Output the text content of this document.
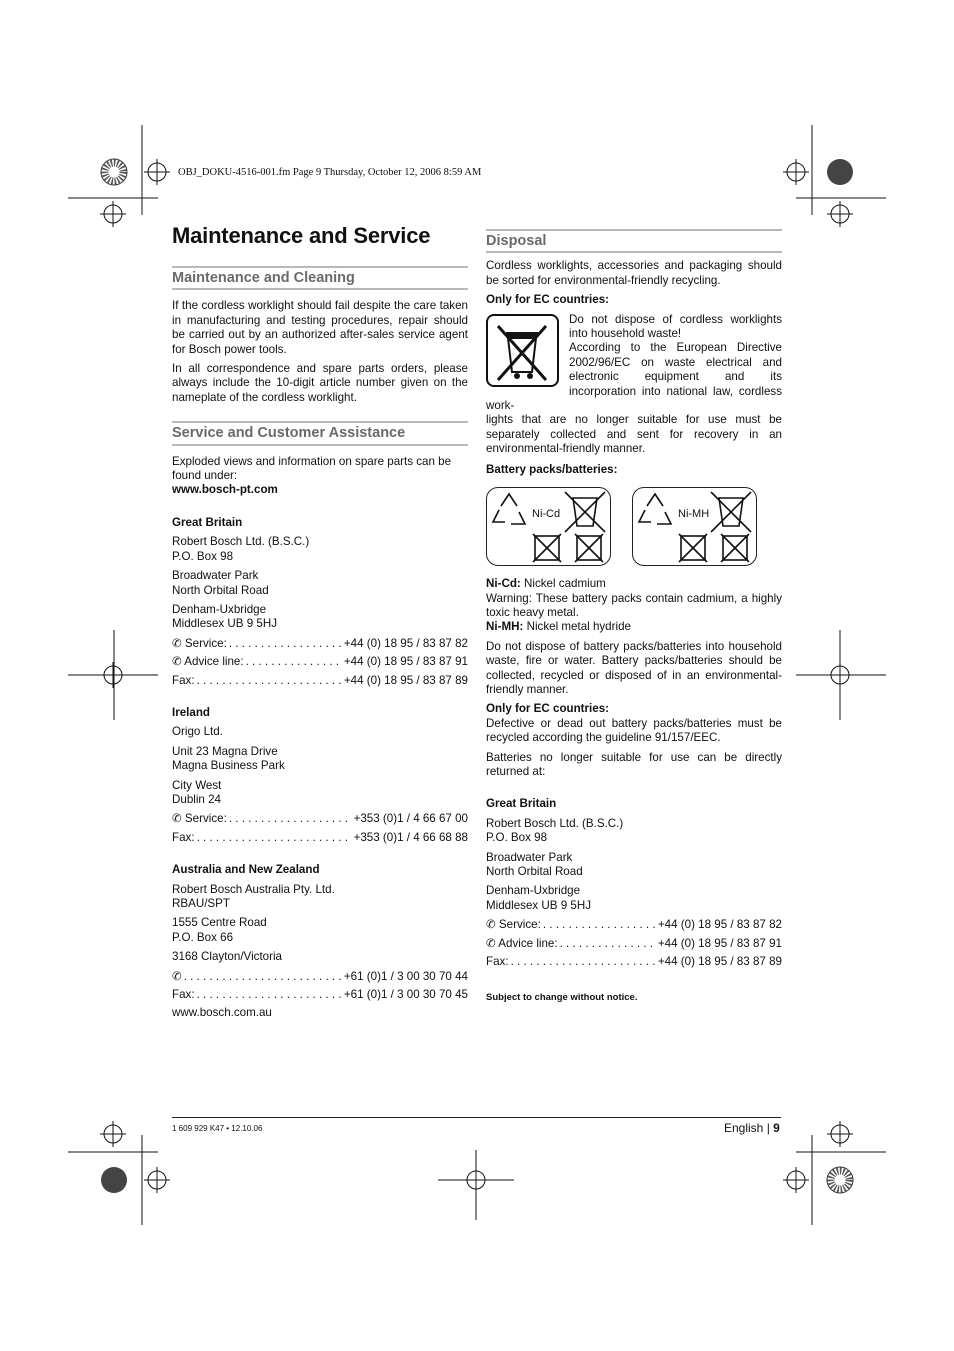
OBJ_DOKU-4516-001.fm Page 9 Thursday, October 12, 2006 8:59 AM
Maintenance and Service
Maintenance and Cleaning

If the cordless worklight should fail despite the care taken in manufacturing and testing procedures, repair should be carried out by an authorized after-sales service agent for Bosch power tools.

In all correspondence and spare parts orders, please always include the 10-digit article number given on the nameplate of the cordless worklight.

Service and Customer Assistance
Exploded views and information on spare parts can be found under:
www.bosch-pt.com

Great Britain

Robert Bosch Ltd. (B.S.C.)

P.O. Box 98

Broadwater Park

North Orbital Road

Denham-Uxbridge

Middlesex UB 9 5HJ

✆ Service: . . .	+44 (0) 18 95 / 83 87 82
✆ Advice line: . . .	+44 (0) 18 95 / 83 87 91
Fax: . . .	+44 (0) 18 95 / 83 87 89

Ireland

Origo Ltd.

Unit 23 Magna Drive

Magna Business Park

City West

Dublin 24

✆ Service: . . .	+353 (0)1 / 4 66 67 00
Fax: . . .	+353 (0)1 / 4 66 68 88

Australia and New Zealand

Robert Bosch Australia Pty. Ltd.

RBAU/SPT

1555 Centre Road

P.O. Box 66

3168 Clayton/Victoria

✆ . . .	+61 (0)1 / 3 00 30 70 44
Fax: . . .	+61 (0)1 / 3 00 30 70 45
www.bosch.com.au
Disposal

Cordless worklights, accessories and packaging should be sorted for environmental-friendly recycling.

Only for EC countries:

Do not dispose of cordless worklights into household waste!
According to the European Directive 2002/96/EC on waste electrical and electronic equipment and its incorporation into national law, cordless work-

lights that are no longer suitable for use must be separately collected and sent for recovery in an environmental-friendly manner.

Battery packs/batteries:

Ni-Cd	Ni-MH
Ni-Cd: Nickel cadmium
Warning: These battery packs contain cadmium, a highly toxic heavy metal.

Ni-MH: Nickel metal hydride

Do not dispose of battery packs/batteries into household waste, fire or water. Battery packs/batteries should be collected, recycled or disposed of in an environmental-friendly manner.

Only for EC countries:

Defective or dead out battery packs/batteries must be recycled according the guideline 91/157/EEC.

Batteries no longer suitable for use can be directly returned at:

Great Britain

Robert Bosch Ltd. (B.S.C.)

P.O. Box 98

Broadwater Park

North Orbital Road

Denham-Uxbridge

Middlesex UB 9 5HJ

✆ Service: . . .	+44 (0) 18 95 / 83 87 82
✆ Advice line: . . .	+44 (0) 18 95 / 83 87 91
Fax: . . .	+44 (0) 18 95 / 83 87 89
Subject to change without notice.
1 609 929 K47 • 12.10.06	English | 9
